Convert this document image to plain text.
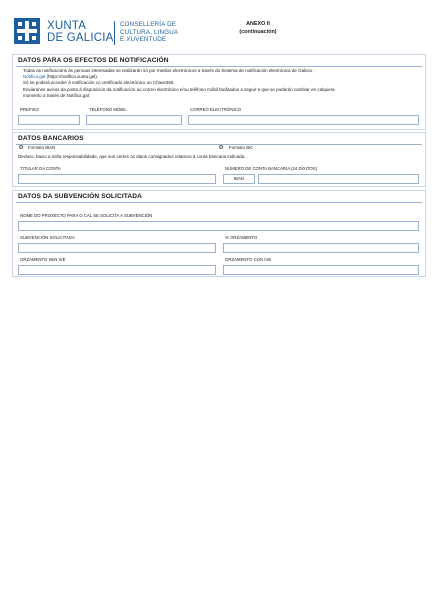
XUNTA
DE GALICIA
CONSELLERÍA DE
CULTURA, LINGUA
E XUVENTUDE
ANEXO II
(continuación)
DATOS PARA OS EFECTOS DE NOTIFICACIÓN
Todas as notificacións ás persoas interesadas se realizarán só por medios electrónicos a través do Sistema de notificación electrónica de Galicia -
Notifica.gal (https://notifica.xunta.gal).
Só se poderá acceder á notificación co certificado electrónico ou Chave365.
Enviaranse avisos da posta á disposición da notificación ao correo electrónico e/ou teléfono móbil facilitados a seguir e que se poderán cambiar en calquera
momento a través de Notifica.gal:
PREFIXO	TELÉFONO MÓBIL	CORREO ELECTRÓNICO
DATOS BANCARIOS
Formato IBAN	Formato BIC
Declaro, baixo a miña responsabilidade, que son certos os datos consignados relativos á conta bancaria indicada.
TITULAR DA CONTA	NÚMERO DE CONTA BANCARIA (24 DÍXITOS)
IBAN
DATOS DA SUBVENCIÓN SOLICITADA
NOME DO PROXECTO PARA O CAL SE SOLICITA A SUBVENCIÓN
SUBVENCIÓN SOLICITADA	% ORZAMENTO
ORZAMENTO SEN IVE	ORZAMENTO CON IVE
